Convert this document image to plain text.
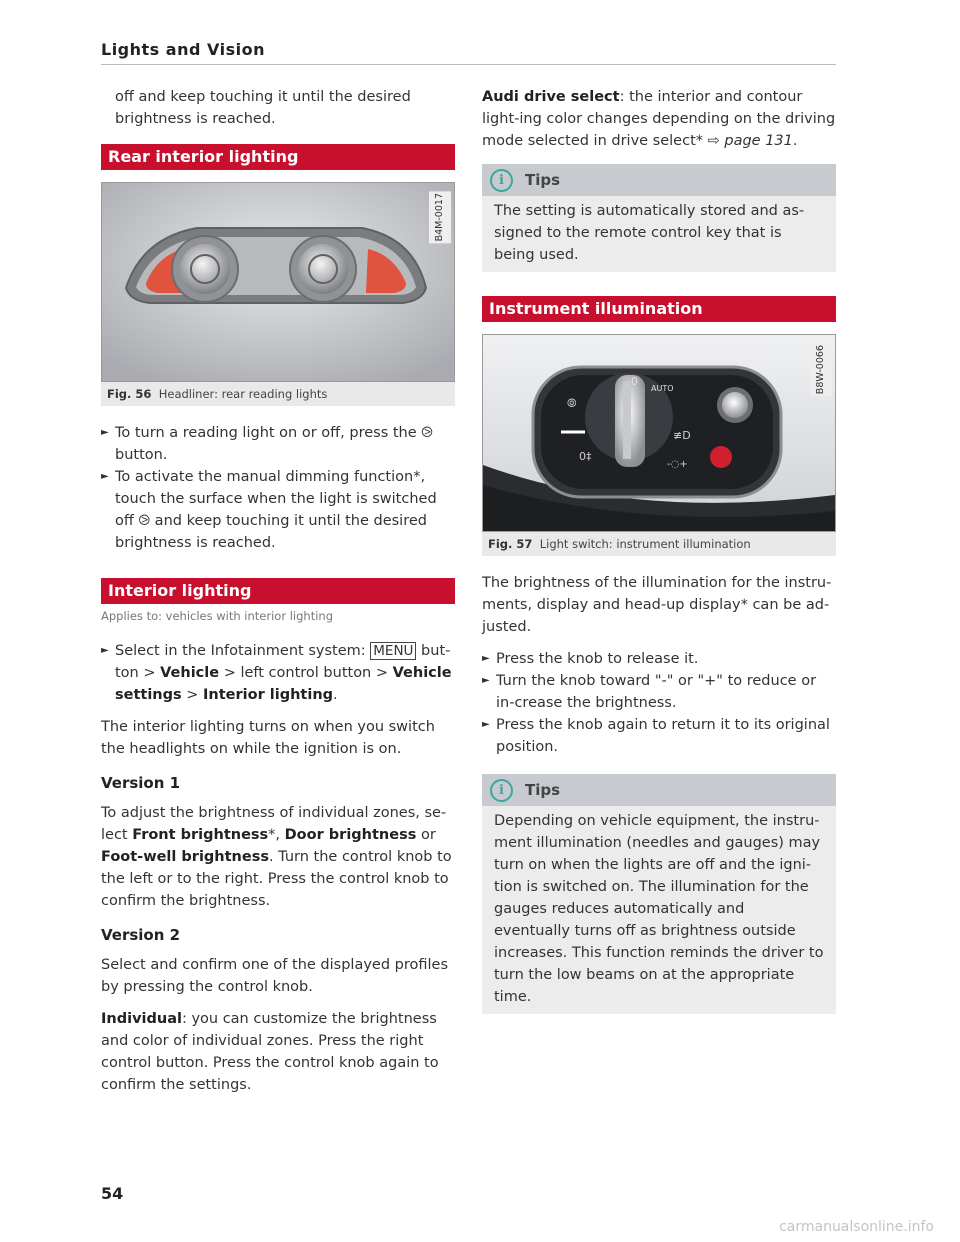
Lights and Vision

off and keep touching it until the desired brightness is reached.

Rear interior lighting
B4M-0017
Fig. 56 Headliner: rear reading lights

► To turn a reading light on or off, press the ⧁ button.

► To activate the manual dimming function*, touch the surface when the light is switched off ⧁ and keep touching it until the desired brightness is reached.

Interior lighting

Applies to: vehicles with interior lighting

► Select in the Infotainment system: MENU but-ton > Vehicle > left control button > Vehicle settings > Interior lighting.

The interior lighting turns on when you switch the headlights on while the ignition is on.

Version 1

To adjust the brightness of individual zones, se-lect Front brightness*, Door brightness or Foot-well brightness. Turn the control knob to the left or to the right. Press the control knob to confirm the brightness.

Version 2

Select and confirm one of the displayed profiles by pressing the control knob.

Individual: you can customize the brightness and color of individual zones. Press the right control button. Press the control knob again to confirm the settings.

Audi drive select: the interior and contour light-ing color changes depending on the driving mode selected in drive select* ⇨ page 131.

i	Tips

The setting is automatically stored and as-signed to the remote control key that is being used.

Instrument illumination
⦾
0‡
0
AUTO
≢D
-◌+
B8W-0066
Fig. 57 Light switch: instrument illumination

The brightness of the illumination for the instru-ments, display and head-up display* can be ad-justed.

► Press the knob to release it.

► Turn the knob toward "-" or "+" to reduce or in-crease the brightness.

► Press the knob again to return it to its original position.

i	Tips

Depending on vehicle equipment, the instru-ment illumination (needles and gauges) may turn on when the lights are off and the igni-tion is switched on. The illumination for the gauges reduces automatically and eventually turns off as brightness outside increases. This function reminds the driver to turn the low beams on at the appropriate time.

54
carmanualsonline.info
